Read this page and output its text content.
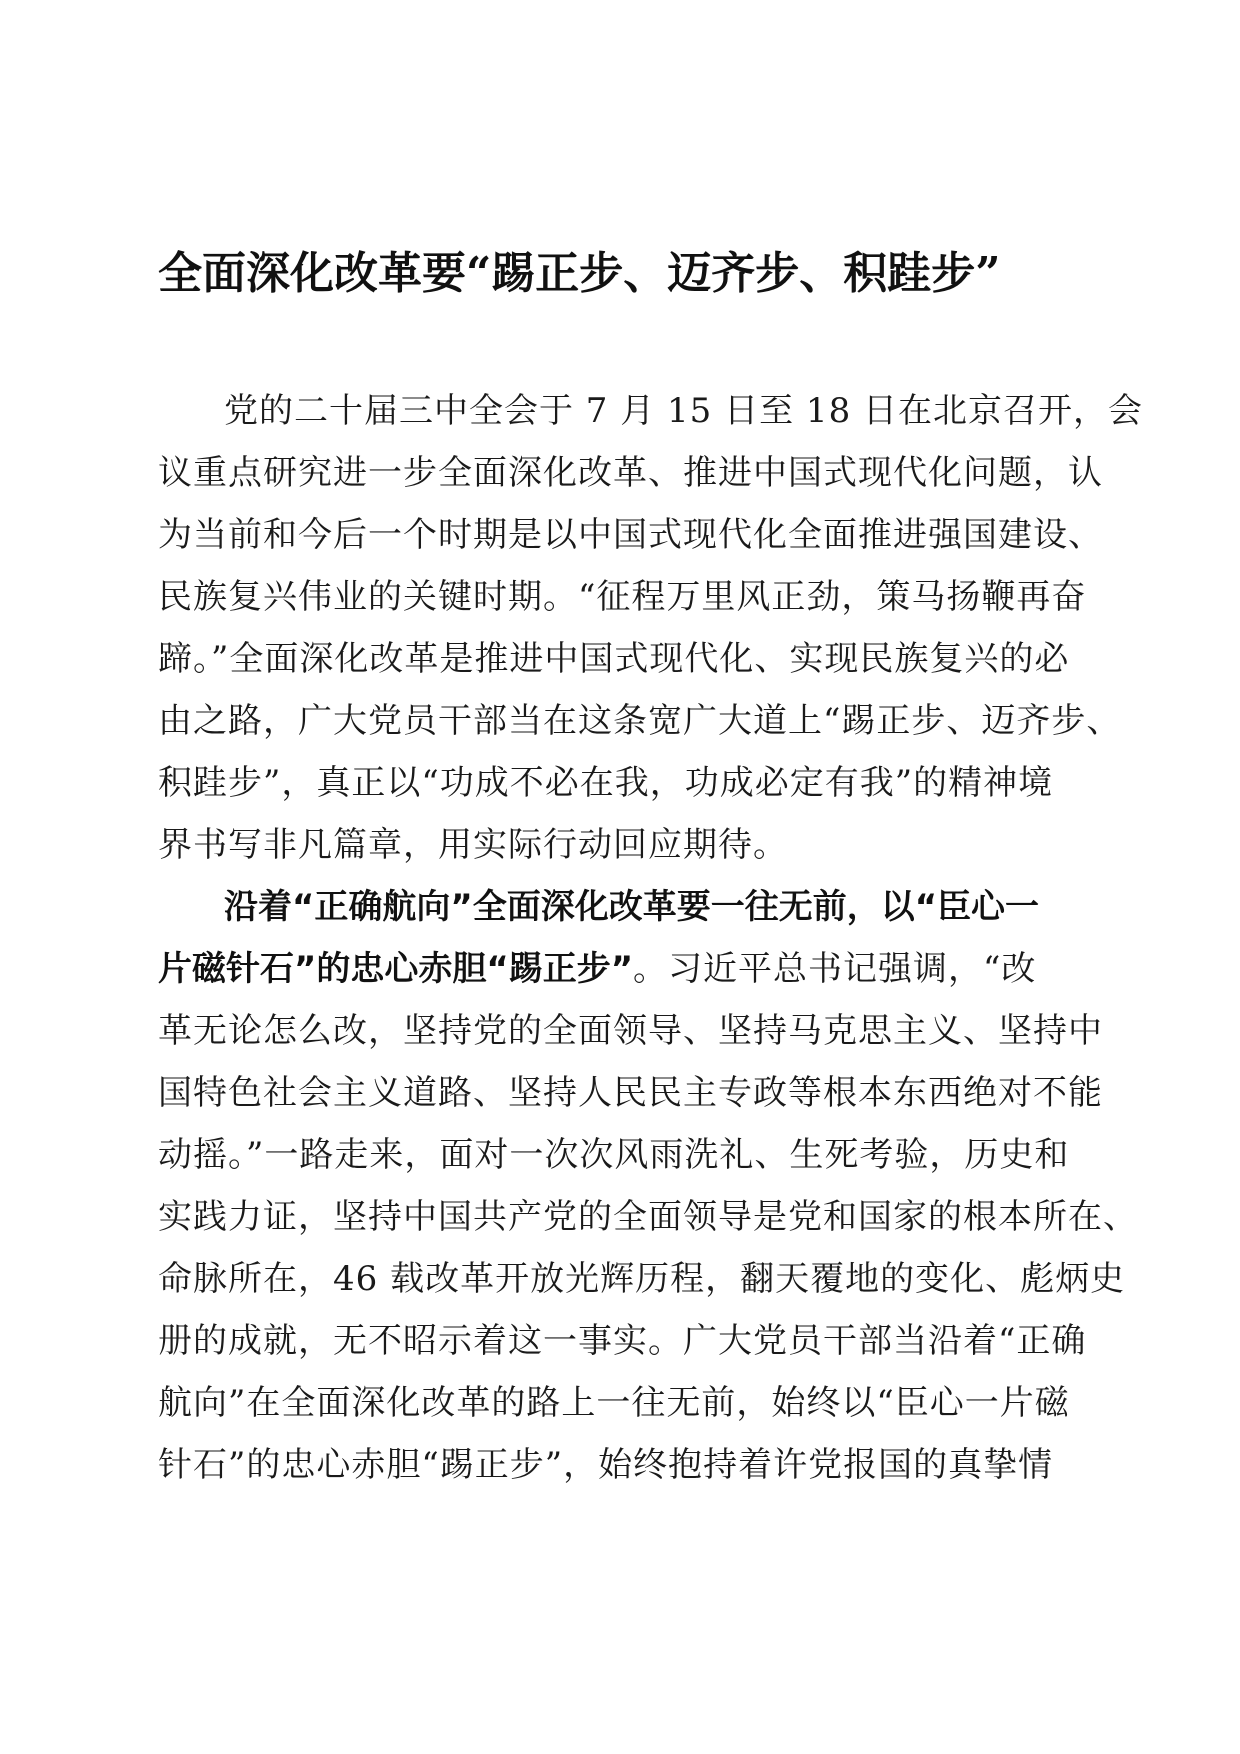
全面深化改革要“踢正步、迈齐步、积跬步”
党的二十届三中全会于 7 月 15 日至 18 日在北京召开，会
议重点研究进一步全面深化改革、推进中国式现代化问题，认
为当前和今后一个时期是以中国式现代化全面推进强国建设、
民族复兴伟业的关键时期。“征程万里风正劲，策马扬鞭再奋
蹄。”全面深化改革是推进中国式现代化、实现民族复兴的必
由之路，广大党员干部当在这条宽广大道上“踢正步、迈齐步、
积跬步”，真正以“功成不必在我，功成必定有我”的精神境
界书写非凡篇章，用实际行动回应期待。
沿着“正确航向”全面深化改革要一往无前，以“臣心一
片磁针石”的忠心赤胆“踢正步”。习近平总书记强调，“改
革无论怎么改，坚持党的全面领导、坚持马克思主义、坚持中
国特色社会主义道路、坚持人民民主专政等根本东西绝对不能
动摇。”一路走来，面对一次次风雨洗礼、生死考验，历史和
实践力证，坚持中国共产党的全面领导是党和国家的根本所在、
命脉所在，46 载改革开放光辉历程，翻天覆地的变化、彪炳史
册的成就，无不昭示着这一事实。广大党员干部当沿着“正确
航向”在全面深化改革的路上一往无前，始终以“臣心一片磁
针石”的忠心赤胆“踢正步”，始终抱持着许党报国的真挚情
